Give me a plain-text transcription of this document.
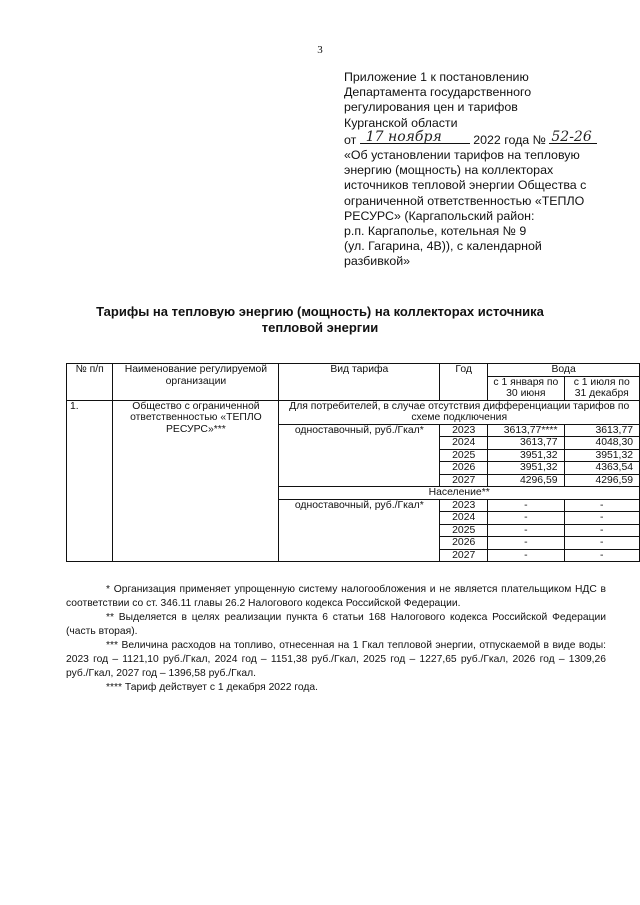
3
Приложение 1 к постановлению
Департамента государственного
регулирования цен и тарифов
Курганской области
от 17 ноября	2022 года № 52-26
«Об установлении тарифов на тепловую
энергию (мощность) на коллекторах
источников тепловой энергии Общества с
ограниченной ответственностью «ТЕПЛО
РЕСУРС» (Каргапольский район:
р.п. Каргаполье, котельная № 9
(ул. Гагарина, 4В)), с календарной
разбивкой»
Тарифы на тепловую энергию (мощность) на коллекторах источника
тепловой энергии
№ п/п	Наименование регулируемой организации	Вид тарифа	Год	Вода	
				с 1 января по 30 июня	с 1 июля по 31 декабря
1.	Общество с ограниченной ответственностью «ТЕПЛО РЕСУРС»***	Для потребителей, в случае отсутствия дифференциации тарифов по схеме подключения			
		одноставочный, руб./Гкал*	2023	3613,77****	3613,77
			2024	3613,77	4048,30
			2025	3951,32	3951,32
			2026	3951,32	4363,54
			2027	4296,59	4296,59
		Население**			
		одноставочный, руб./Гкал*	2023	-	-
			2024	-	-
			2025	-	-
			2026	-	-
			2027	-	-

* Организация применяет упрощенную систему налогообложения и не является плательщиком НДС в соответствии со ст. 346.11 главы 26.2 Налогового кодекса Российской Федерации.

** Выделяется в целях реализации пункта 6 статьи 168 Налогового кодекса Российской Федерации (часть вторая).

*** Величина расходов на топливо, отнесенная на 1 Гкал тепловой энергии, отпускаемой в виде воды: 2023 год – 1121,10 руб./Гкал, 2024 год – 1151,38 руб./Гкал, 2025 год – 1227,65 руб./Гкал, 2026 год – 1309,26 руб./Гкал, 2027 год – 1396,58 руб./Гкал.

**** Тариф действует с 1 декабря 2022 года.
